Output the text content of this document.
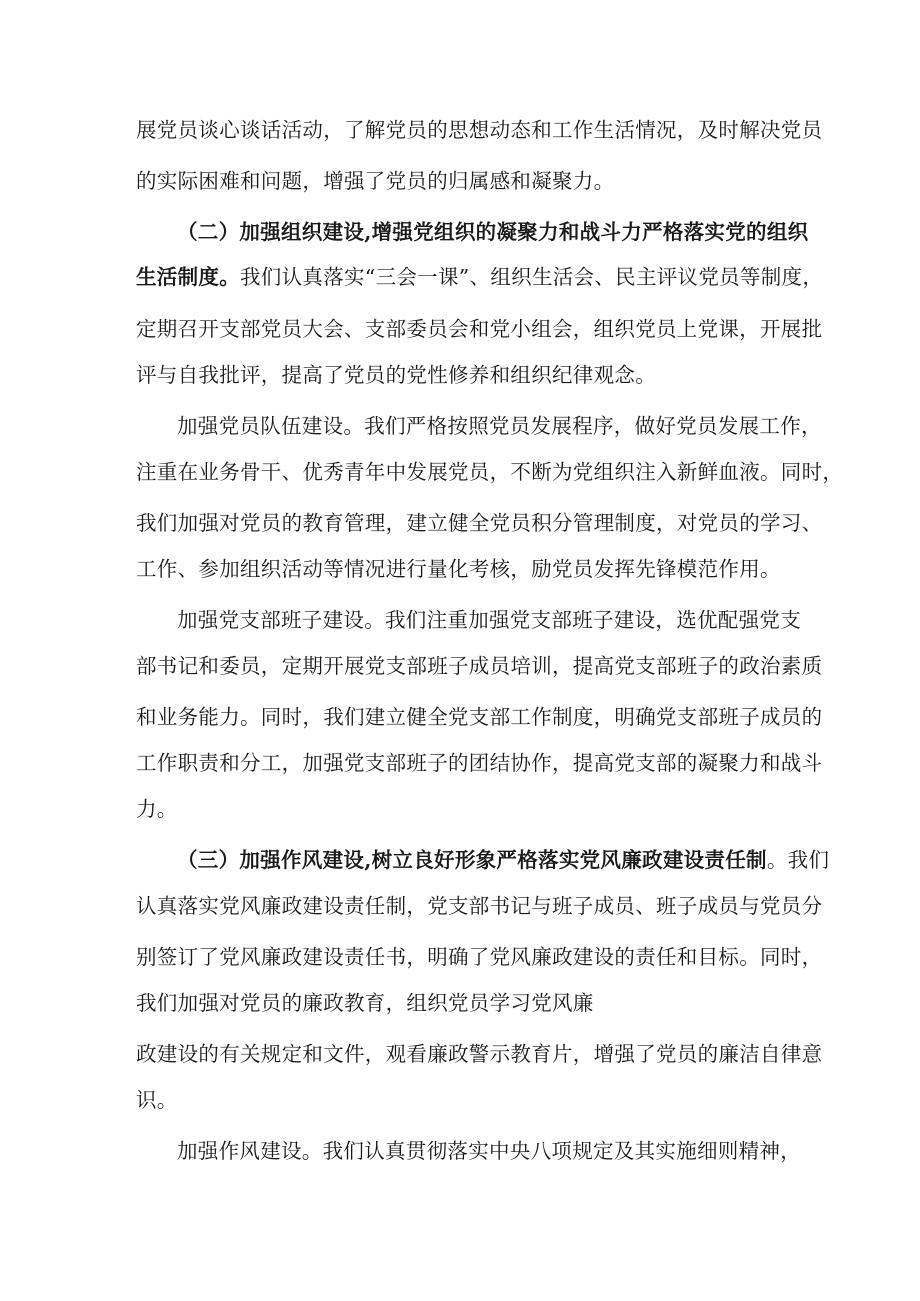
展党员谈心谈话活动，了解党员的思想动态和工作生活情况，及时解决党员
的实际困难和问题，增强了党员的归属感和凝聚力。
（二）加强组织建设,增强党组织的凝聚力和战斗力严格落实党的组织
生活制度。我们认真落实“三会一课”、组织生活会、民主评议党员等制度，
定期召开支部党员大会、支部委员会和党小组会，组织党员上党课，开展批
评与自我批评，提高了党员的党性修养和组织纪律观念。
加强党员队伍建设。我们严格按照党员发展程序，做好党员发展工作，
注重在业务骨干、优秀青年中发展党员，不断为党组织注入新鲜血液。同时，
我们加强对党员的教育管理，建立健全党员积分管理制度，对党员的学习、
工作、参加组织活动等情况进行量化考核，励党员发挥先锋模范作用。
加强党支部班子建设。我们注重加强党支部班子建设，选优配强党支
部书记和委员，定期开展党支部班子成员培训，提高党支部班子的政治素质
和业务能力。同时，我们建立健全党支部工作制度，明确党支部班子成员的
工作职责和分工，加强党支部班子的团结协作，提高党支部的凝聚力和战斗
力。
（三）加强作风建设,树立良好形象严格落实党风廉政建设责任制。我们
认真落实党风廉政建设责任制，党支部书记与班子成员、班子成员与党员分
别签订了党风廉政建设责任书，明确了党风廉政建设的责任和目标。同时，
我们加强对党员的廉政教育，组织党员学习党风廉
政建设的有关规定和文件，观看廉政警示教育片，增强了党员的廉洁自律意
识。
加强作风建设。我们认真贯彻落实中央八项规定及其实施细则精神，
